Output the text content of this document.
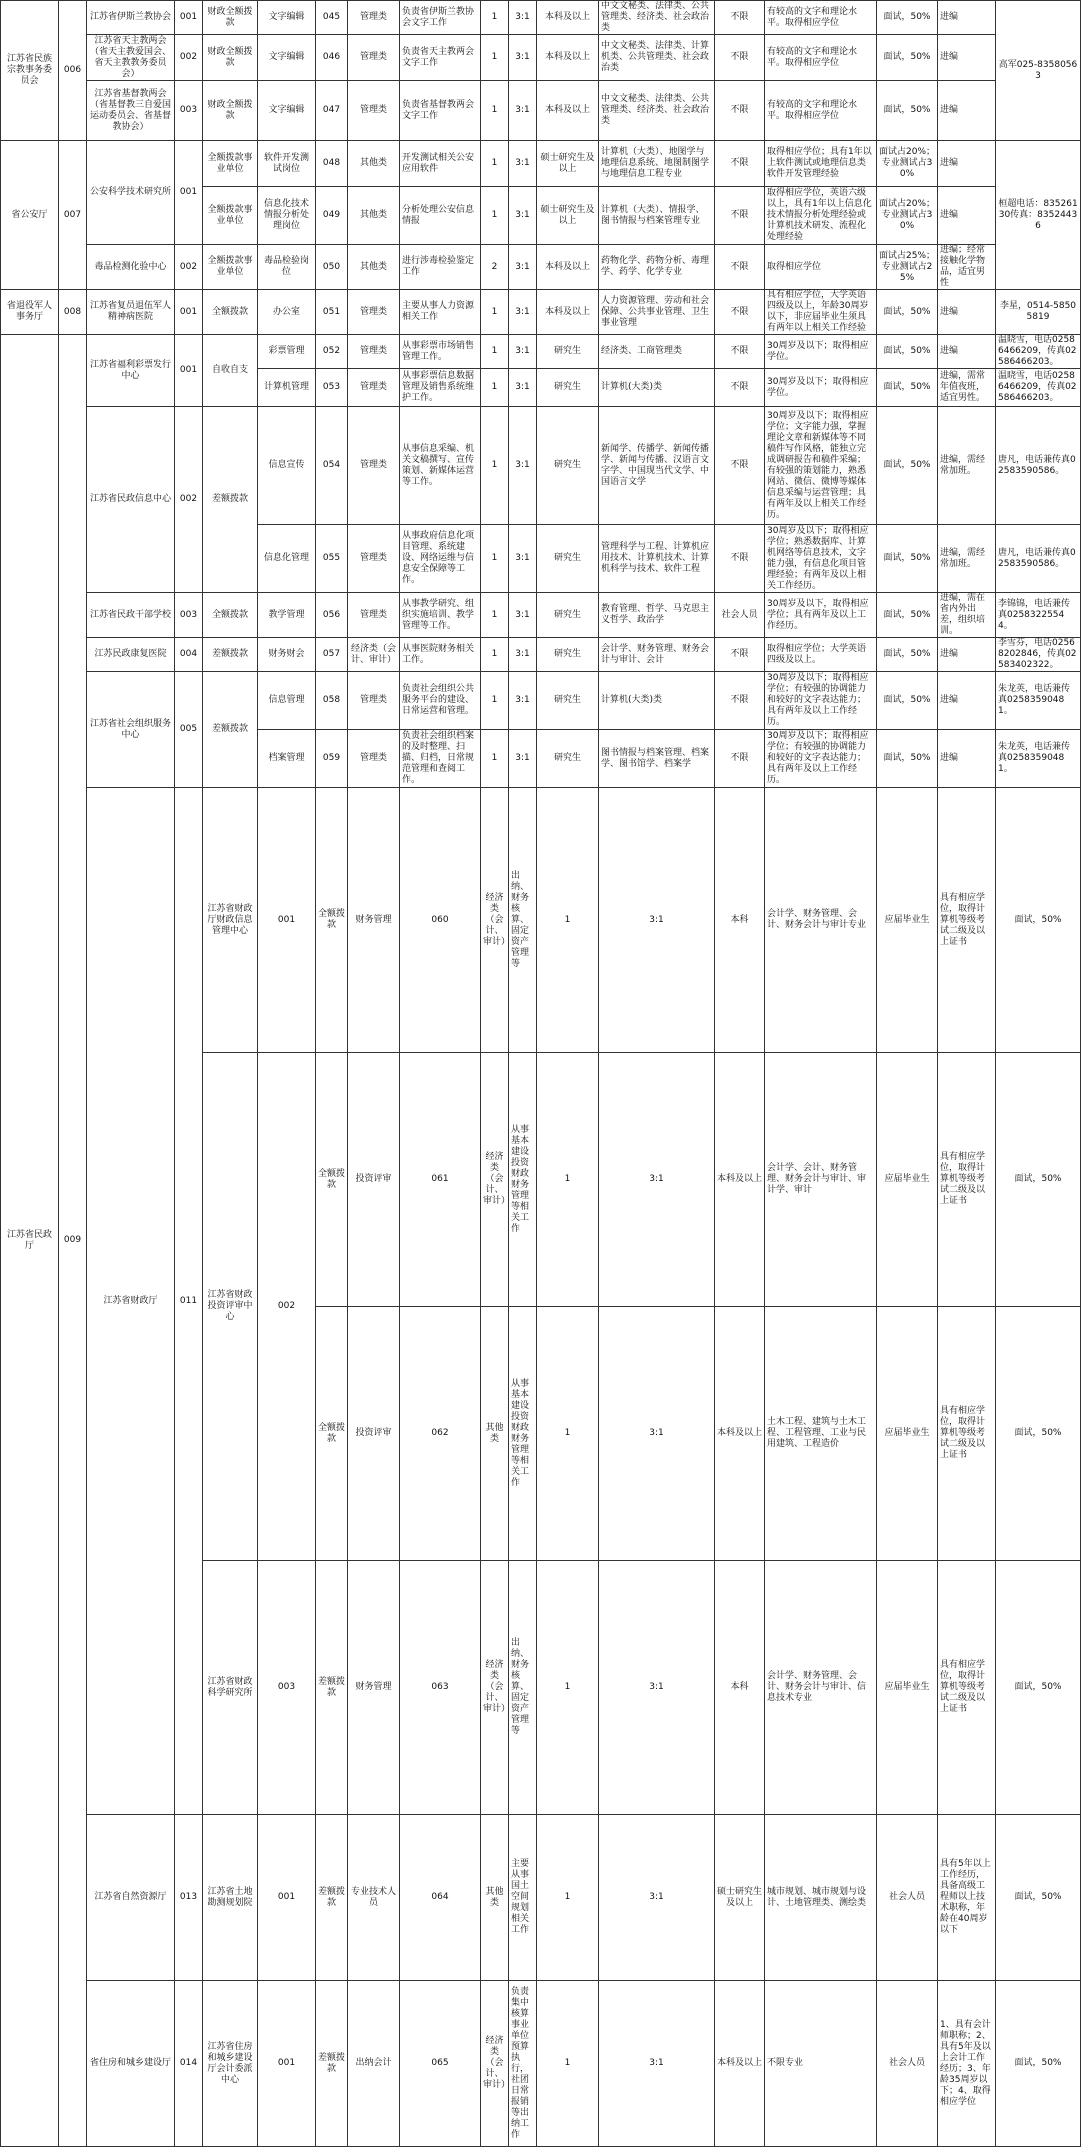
江苏省民族宗教事务委员会	006	江苏省伊斯兰教协会	001	财政全额拨款	文字编辑	045	管理类	负责省伊斯兰教协会文字工作	1	3:1	本科及以上	中文文秘类、法律类、公共管理类、经济类、社会政治类	不限	有较高的文字和理论水平。取得相应学位	面试，50%	进编	高军025-83580563	
		江苏省天主教两会（省天主教爱国会、省天主教教务委员会）	002	财政全额拨款	文字编辑	046	管理类	负责省天主教两会文字工作	1	3:1	本科及以上	中文文秘类、法律类、计算机类、公共管理类、社会政治类	不限	有较高的文字和理论水平。取得相应学位	面试，50%	进编		
		江苏省基督教两会（省基督教三自爱国运动委员会、省基督教协会）	003	财政全额拨款	文字编辑	047	管理类	负责省基督教两会文字工作	1	3:1	本科及以上	中文文秘类、法律类、公共管理类、经济类、社会政治类	不限	有较高的文字和理论水平。取得相应学位	面试，50%	进编		
省公安厅	007	公安科学技术研究所	001	全额拨款事业单位	软件开发测试岗位	048	其他类	开发测试相关公安应用软件	1	3:1	硕士研究生及以上	计算机（大类）、地图学与地理信息系统、地图制图学与地理信息工程专业	不限	取得相应学位；具有1年以上软件测试或地理信息类软件开发管理经验	面试占20%；专业测试占30%	进编	桓超电话：83526130传真：83524436	
				全额拨款事业单位	信息化技术情报分析处理岗位	049	其他类	分析处理公安信息情报	1	3:1	硕士研究生及以上	计算机（大类）、情报学、图书情报与档案管理专业	不限	取得相应学位，英语六级以上，具有1年以上信息化技术情报分析处理经验或计算机技术研发、流程化处理经验	面试占20%；专业测试占30%	进编		
		毒品检测化验中心	002	全额拨款事业单位	毒品检验岗位	050	其他类	进行涉毒检验鉴定工作	2	3:1	本科及以上	药物化学、药物分析、毒理学、药学、化学专业	不限	取得相应学位	面试占25%；专业测试占25%	进编；经常接触化学物品，适宜男性		
省退役军人事务厅	008	江苏省复员退伍军人精神病医院	001	全额拨款	办公室	051	管理类	主要从事人力资源相关工作	1	3:1	本科及以上	人力资源管理、劳动和社会保障、公共事业管理、卫生事业管理	不限	具有相应学位，大学英语四级及以上，年龄30周岁以下，非应届毕业生须具有两年以上相关工作经验	面试，50%	进编	李星，0514-58505819	
江苏省民政厅	009	江苏省福利彩票发行中心	001	自收自支	彩票管理	052	管理类	从事彩票市场销售管理工作。	1	3:1	研究生	经济类、工商管理类	不限	30周岁及以下；取得相应学位。	面试，50%	进编	温晓雪，电话02586466209，传真02586466203。	
					计算机管理	053	管理类	从事彩票信息数据管理及销售系统维护工作。	1	3:1	研究生	计算机(大类)类	不限	30周岁及以下；取得相应学位。	面试，50%	进编，需常年值夜班，适宜男性。	温晓雪，电话02586466209，传真02586466203。	
		江苏省民政信息中心	002	差额拨款	信息宣传	054	管理类	从事信息采编、机关文稿撰写、宣传策划、新媒体运营等工作。	1	3:1	研究生	新闻学、传播学、新闻传播学、新闻与传播、汉语言文字学、中国现当代文学、中国语言文学	不限	30周岁及以下；取得相应学位；文字能力强，掌握理论文章和新媒体等不同稿件写作风格，能独立完成调研报告和稿件采编；有较强的策划能力，熟悉网站、微信、微博等媒体信息采编与运营管理；具有两年及以上相关工作经历。	面试，50%	进编，需经常加班。	唐凡，电话兼传真02583590586。	
					信息化管理	055	管理类	从事政府信息化项目管理、系统建设、网络运维与信息安全保障等工作。	1	3:1	研究生	管理科学与工程、计算机应用技术、计算机技术、计算机科学与技术、软件工程	不限	30周岁及以下；取得相应学位；熟悉数据库、计算机网络等信息技术，文字能力强，有信息化项目管理经验；有两年及以上相关工作经历。	面试，50%	进编，需经常加班。	唐凡，电话兼传真02583590586。	
		江苏省民政干部学校	003	全额拨款	教学管理	056	管理类	从事教学研究、组织实施培训、教学管理等工作。	1	3:1	研究生	教育管理、哲学、马克思主义哲学、政治学	社会人员	30周岁及以下，取得相应学位；具有两年及以上工作经历。	面试，50%	进编，需在省内外出差，组织培训。	李锦锦，电话兼传真02583225544。	
		江苏民政康复医院	004	差额拨款	财务财会	057	经济类（会计、审计）	从事医院财务相关工作。	1	3:1	研究生	会计学、财务管理、财务会计与审计、会计	不限	取得相应学位；大学英语四级及以上。	面试，50%	进编	李雪芬，电话02568202846，传真02583402322。	
		江苏省社会组织服务中心	005	差额拨款	信息管理	058	管理类	负责社会组织公共服务平台的建设、日常运营和管理。	1	3:1	研究生	计算机(大类)类	不限	30周岁及以下；取得相应学位；有较强的协调能力和较好的文字表达能力；具有两年及以上工作经历。	面试，50%	进编	朱龙英，电话兼传真02583590481。	
					档案管理	059	管理类	负责社会组织档案的及时整理、扫描、归档，日常规范管理和查阅工作。	1	3:1	研究生	图书情报与档案管理、档案学、图书馆学、档案学	不限	30周岁及以下；取得相应学位；有较强的协调能力和较好的文字表达能力；具有两年及以上工作经历。	面试，50%	进编	朱龙英，电话兼传真02583590481。	
		江苏省财政厅	011	江苏省财政厅财政信息管理中心	001	全额拨款	财务管理	060	经济类（会计、审计）	出纳、财务核算、固定资产管理等	1	3:1	本科	会计学、财务管理、会计、财务会计与审计专业	应届毕业生	具有相应学位，取得计算机等级考试二级及以上证书	面试，50%		
				江苏省财政投资评审中心	002	全额拨款	投资评审	061	经济类（会计、审计）	从事基本建设投资财政财务管理等相关工作	1	3:1	本科及以上	会计学、会计、财务管理、财务会计与审计、审计学、审计	应届毕业生	具有相应学位，取得计算机等级考试二级及以上证书	面试，50%		
						全额拨款	投资评审	062	其他类	从事基本建设投资财政财务管理等相关工作	1	3:1	本科及以上	土木工程、建筑与土木工程、工程管理、工业与民用建筑、工程造价	应届毕业生	具有相应学位，取得计算机等级考试二级及以上证书	面试，50%		
				江苏省财政科学研究所	003	差额拨款	财务管理	063	经济类（会计、审计）	出纳、财务核算、固定资产管理等	1	3:1	本科	会计学、财务管理、会计、财务会计与审计、信息技术专业	应届毕业生	具有相应学位，取得计算机等级考试二级及以上证书	面试，50%		
		江苏省自然资源厅	013	江苏省土地勘测规划院	001	差额拨款	专业技术人员	064	其他类	主要从事国土空间规划相关工作	1	3:1	硕士研究生及以上	城市规划、城市规划与设计、土地管理类、测绘类	社会人员	具有5年以上工作经历，具备高级工程师以上技术职称，年龄在40周岁以下	面试，50%		
		省住房和城乡建设厅	014	江苏省住房和城乡建设厅会计委派中心	001	差额拨款	出纳会计	065	经济类（会计、审计）	负责集中核算事业单位预算执行，社团日常报销等出纳工作	1	3:1	本科及以上	不限专业	社会人员	1、具有会计师职称；2、具有5年及以上会计工作经历；3、年龄35周岁以下；4、取得相应学位	面试，50%		
